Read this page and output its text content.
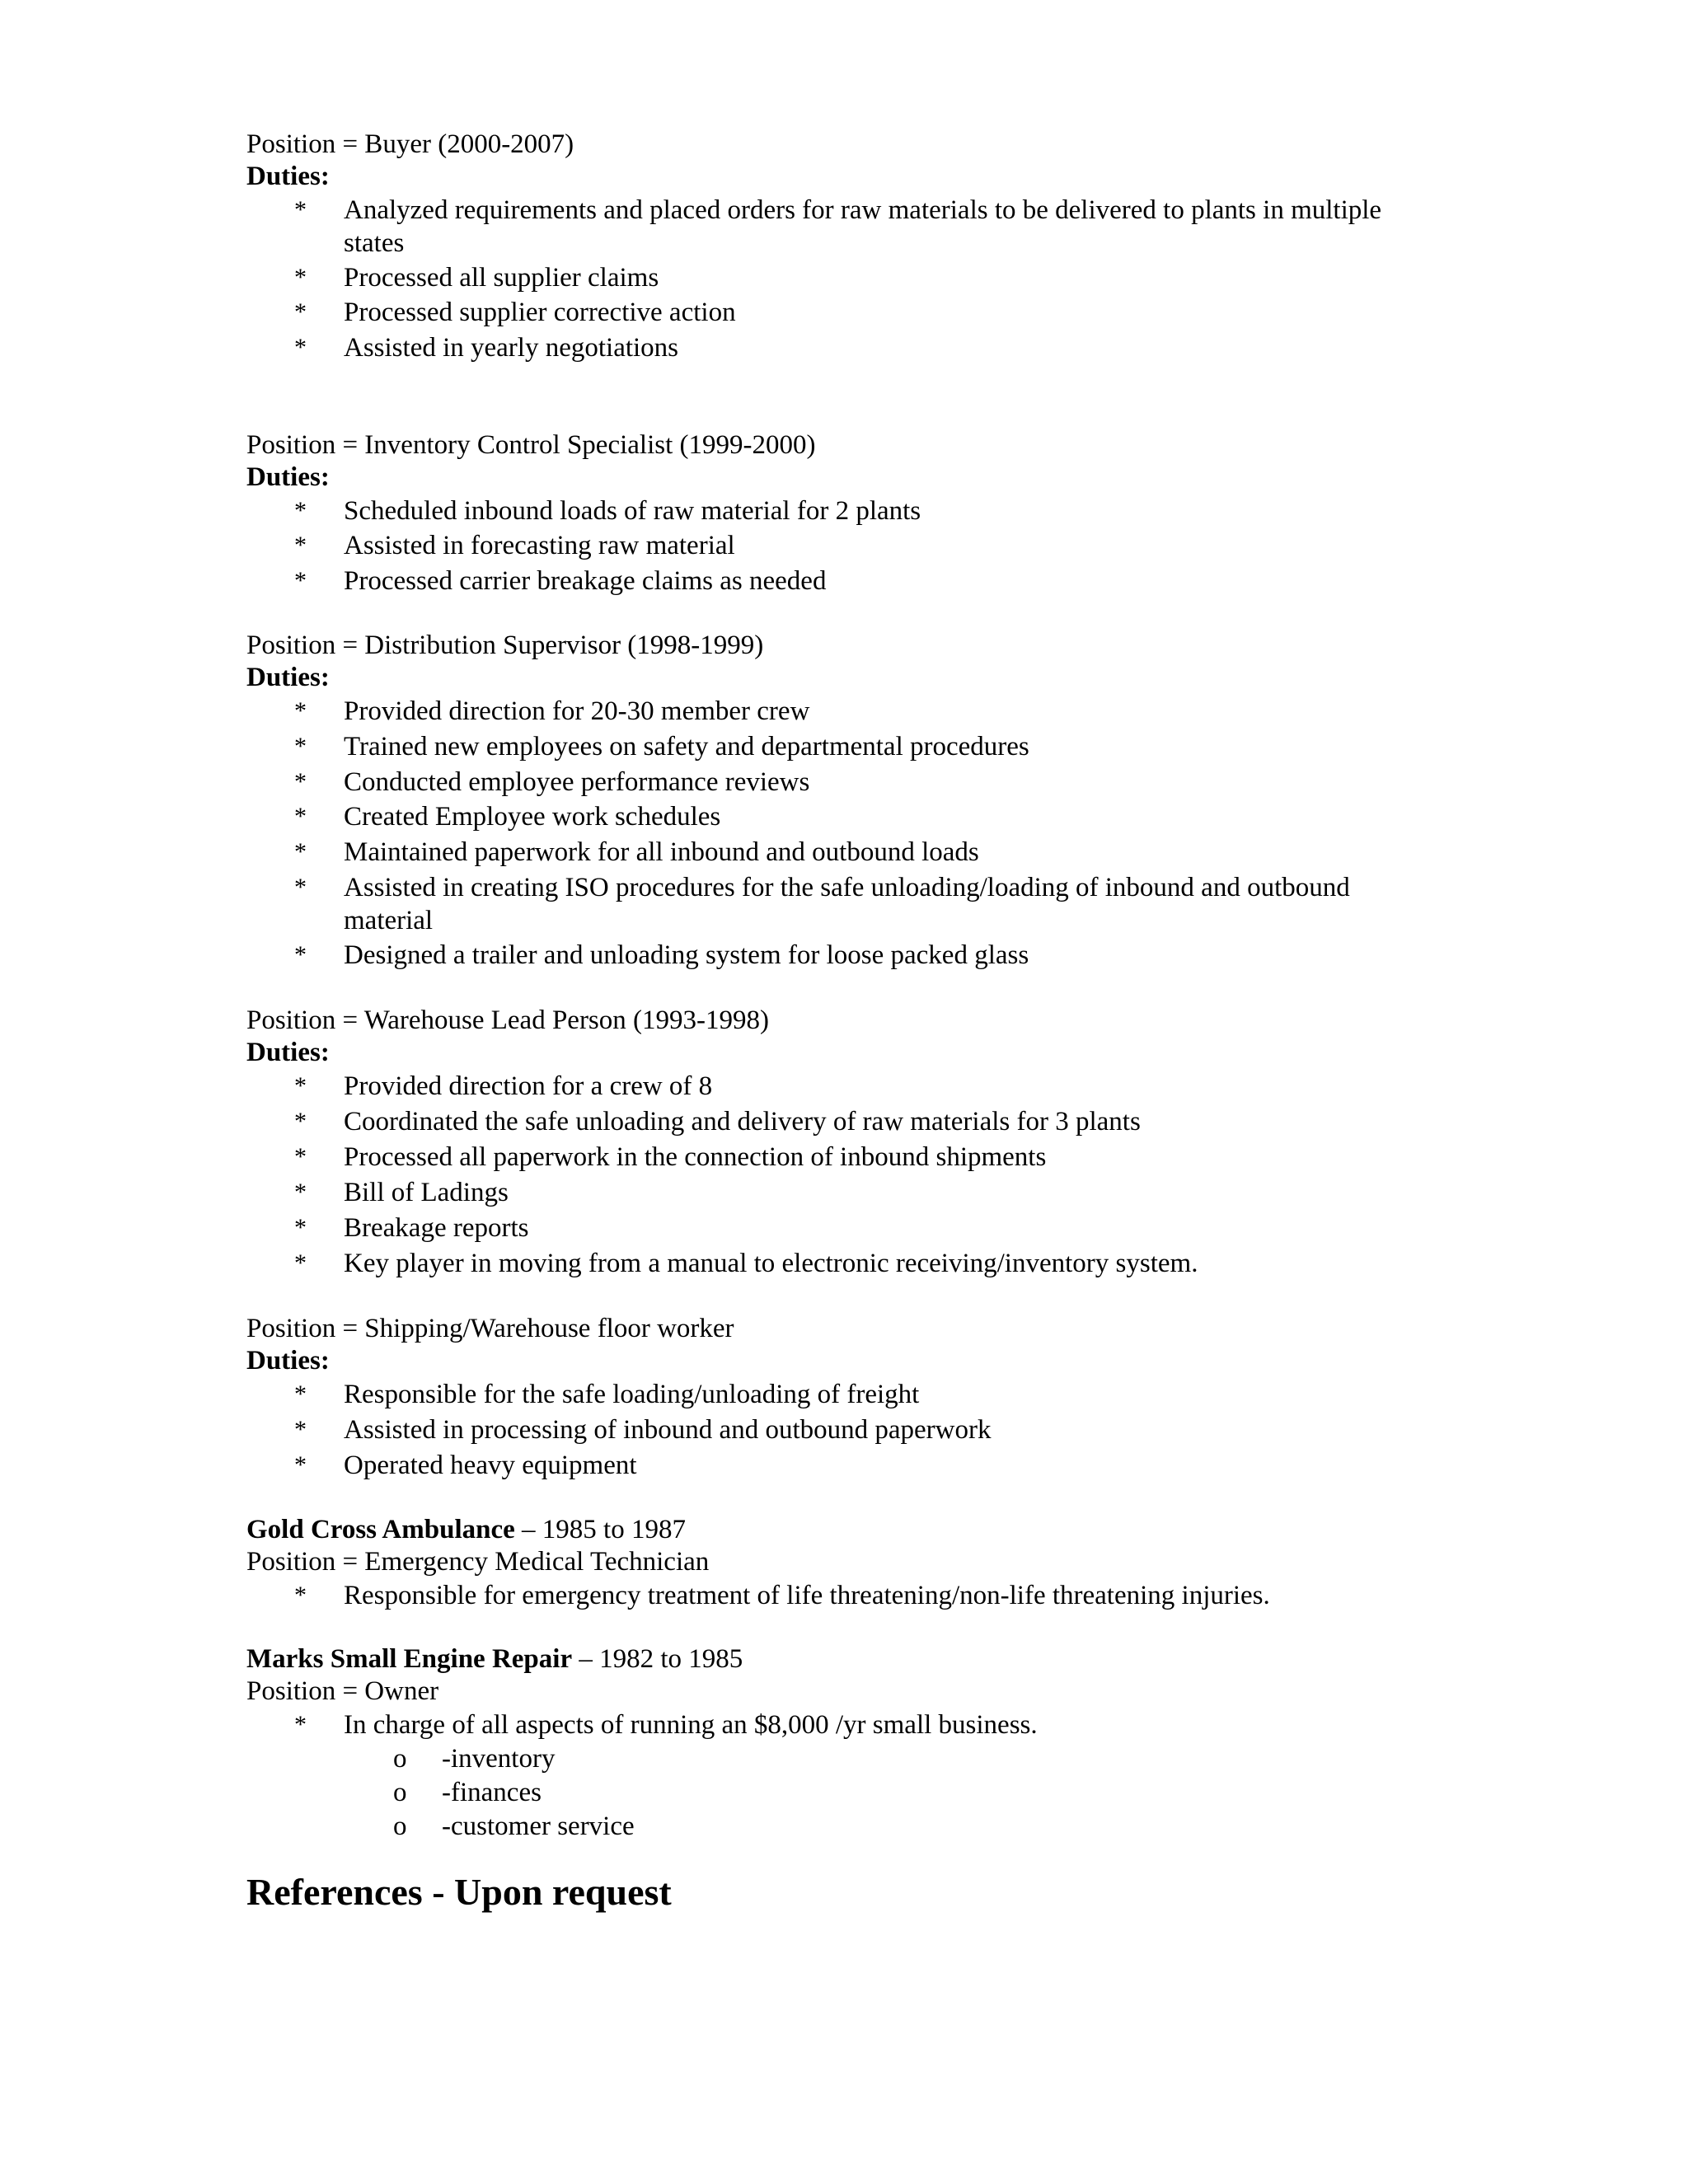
Position = Buyer (2000-2007)
Duties:
* Analyzed requirements and placed orders for raw materials to be delivered to plants in multiple
states
* Processed all supplier claims
* Processed supplier corrective action
* Assisted in yearly negotiations
Position = Inventory Control Specialist (1999-2000)
Duties:
* Scheduled inbound loads of raw material for 2 plants
* Assisted in forecasting raw material
* Processed carrier breakage claims as needed
Position = Distribution Supervisor (1998-1999)
Duties:
* Provided direction for 20-30 member crew
* Trained new employees on safety and departmental procedures
* Conducted employee performance reviews
* Created Employee work schedules
* Maintained paperwork for all inbound and outbound loads
* Assisted in creating ISO procedures for the safe unloading/loading of inbound and outbound
material
* Designed a trailer and unloading system for loose packed glass
Position = Warehouse Lead Person (1993-1998)
Duties:
* Provided direction for a crew of 8
* Coordinated the safe unloading and delivery of raw materials for 3 plants
* Processed all paperwork in the connection of inbound shipments
* Bill of Ladings
* Breakage reports
* Key player in moving from a manual to electronic receiving/inventory system.
Position = Shipping/Warehouse floor worker
Duties:
* Responsible for the safe loading/unloading of freight
* Assisted in processing of inbound and outbound paperwork
* Operated heavy equipment
Gold Cross Ambulance – 1985 to 1987
Position = Emergency Medical Technician
* Responsible for emergency treatment of life threatening/non-life threatening injuries.
Marks Small Engine Repair – 1982 to 1985
Position = Owner
* In charge of all aspects of running an $8,000 /yr small business.
o -inventory
o -finances
o -customer service
References - Upon request
